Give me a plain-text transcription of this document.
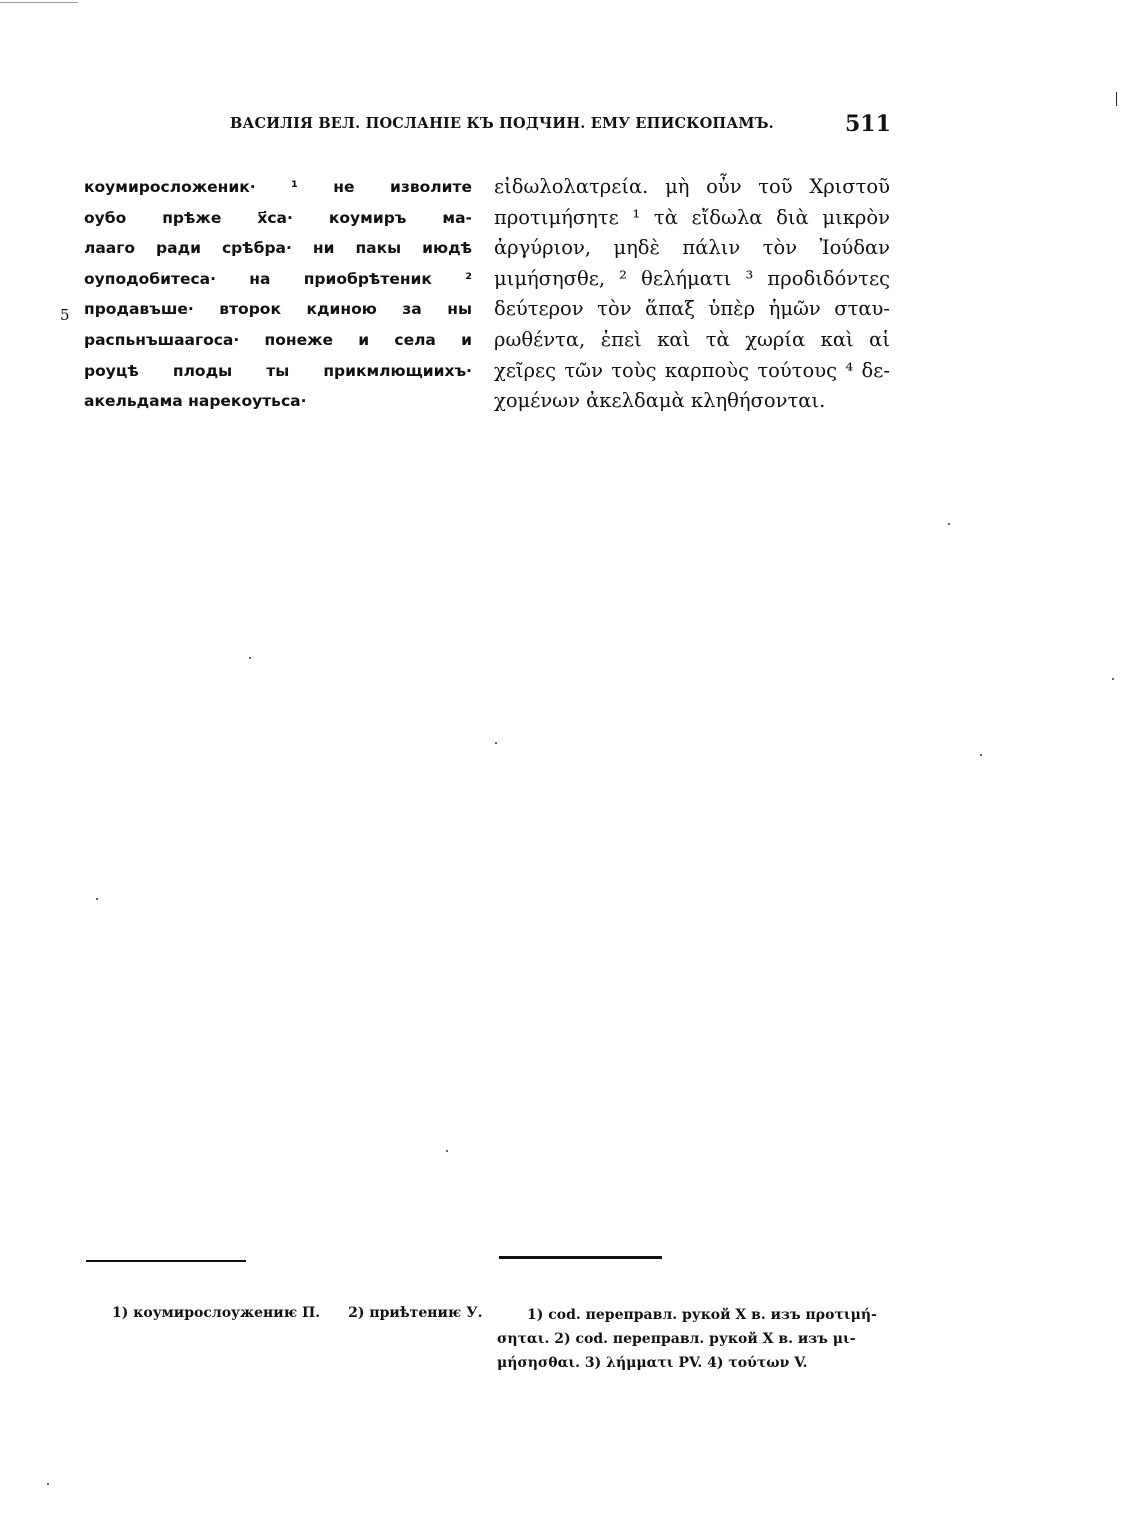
ВАСИЛІЯ ВЕЛ. ПОСЛАНІЕ КЪ ПОДЧИН. ЕМУ ЕПИСКОПАМЪ.	511
коумиросложеник· ¹ не изволите
оубо прѣже х҃са· коумиръ ма-
лааго ради срѣбра· ни пакы июдѣ
оуподобитеса· на приобрѣтеник ²
продавъше· второк кдиною за ны
распьнъшаагоса· понеже и села и
роуцѣ плоды ты прикмлющиихъ·
акельдама нарекоутьса·
5
εἰδωλολατρεία. μὴ οὖν τοῦ Χριστοῦ
προτιμήσητε ¹ τὰ εἴδωλα διὰ μικρὸν
ἀργύριον, μηδὲ πάλιν τὸν Ἰούδαν
μιμήσησθε, ² θελήματι ³ προδιδόντες
δεύτερον τὸν ἅπαξ ὑπὲρ ἡμῶν σταυ-
ρωθέντα, ἐπεὶ καὶ τὰ χωρία καὶ αἱ
χεῖρες τῶν τοὺς καρποὺς τούτους ⁴ δε-
χομένων ἀκελδαμὰ κληθήσονται.
1) коумирослоужениѥ П. 2) приѣтениѥ У.	1) cod. переправл. рукой X в. изъ προτιμή-
σηται. 2) cod. переправл. рукой X в. изъ μι-
μήσησθαι. 3) λήμματι PV. 4) τούτων V.
